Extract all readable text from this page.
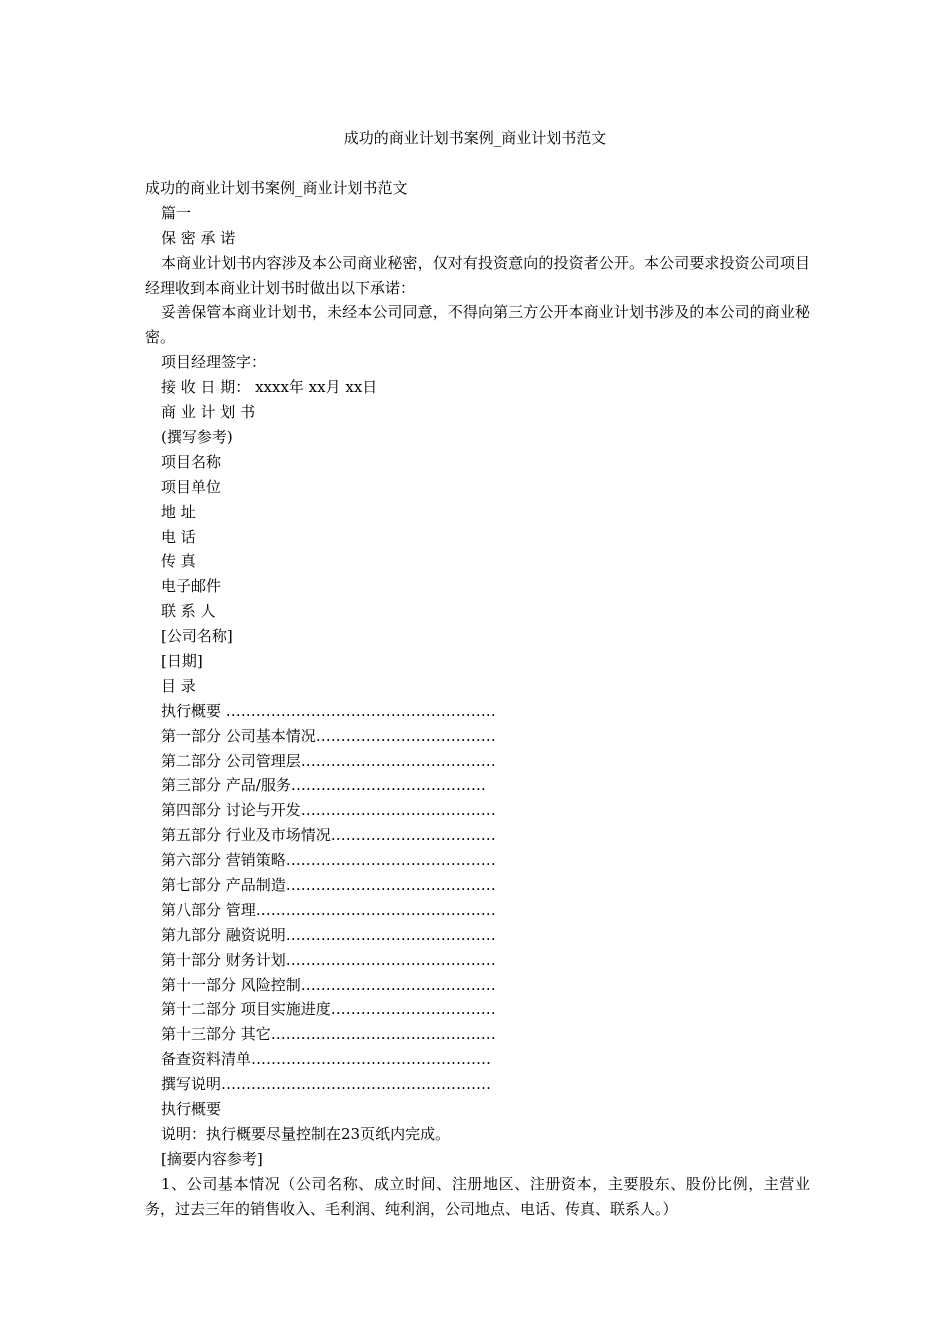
成功的商业计划书案例_商业计划书范文
成功的商业计划书案例_商业计划书范文
篇一
保 密 承 诺
本商业计划书内容涉及本公司商业秘密，仅对有投资意向的投资者公开。本公司要求投资公司项目经理收到本商业计划书时做出以下承诺：
妥善保管本商业计划书，未经本公司同意，不得向第三方公开本商业计划书涉及的本公司的商业秘密。
项目经理签字：
接 收 日 期： xxxx年 xx月 xx日
商 业 计 划 书
(撰写参考)
项目名称
项目单位
地 址
电 话
传 真
电子邮件
联 系 人
[公司名称]
[日期]
目 录
执行概要 ………………………………………………
第一部分 公司基本情况………………………………
第二部分 公司管理层…………………………………
第三部分 产品/服务…………………………………
第四部分 讨论与开发…………………………………
第五部分 行业及市场情况……………………………
第六部分 营销策略……………………………………
第七部分 产品制造……………………………………
第八部分 管理…………………………………………
第九部分 融资说明……………………………………
第十部分 财务计划……………………………………
第十一部分 风险控制…………………………………
第十二部分 项目实施进度……………………………
第十三部分 其它………………………………………
备查资料清单…………………………………………
撰写说明………………………………………………
执行概要
说明：执行概要尽量控制在23页纸内完成。
[摘要内容参考]
1、公司基本情况（公司名称、成立时间、注册地区、注册资本，主要股东、股份比例，主营业务，过去三年的销售收入、毛利润、纯利润，公司地点、电话、传真、联系人。）
